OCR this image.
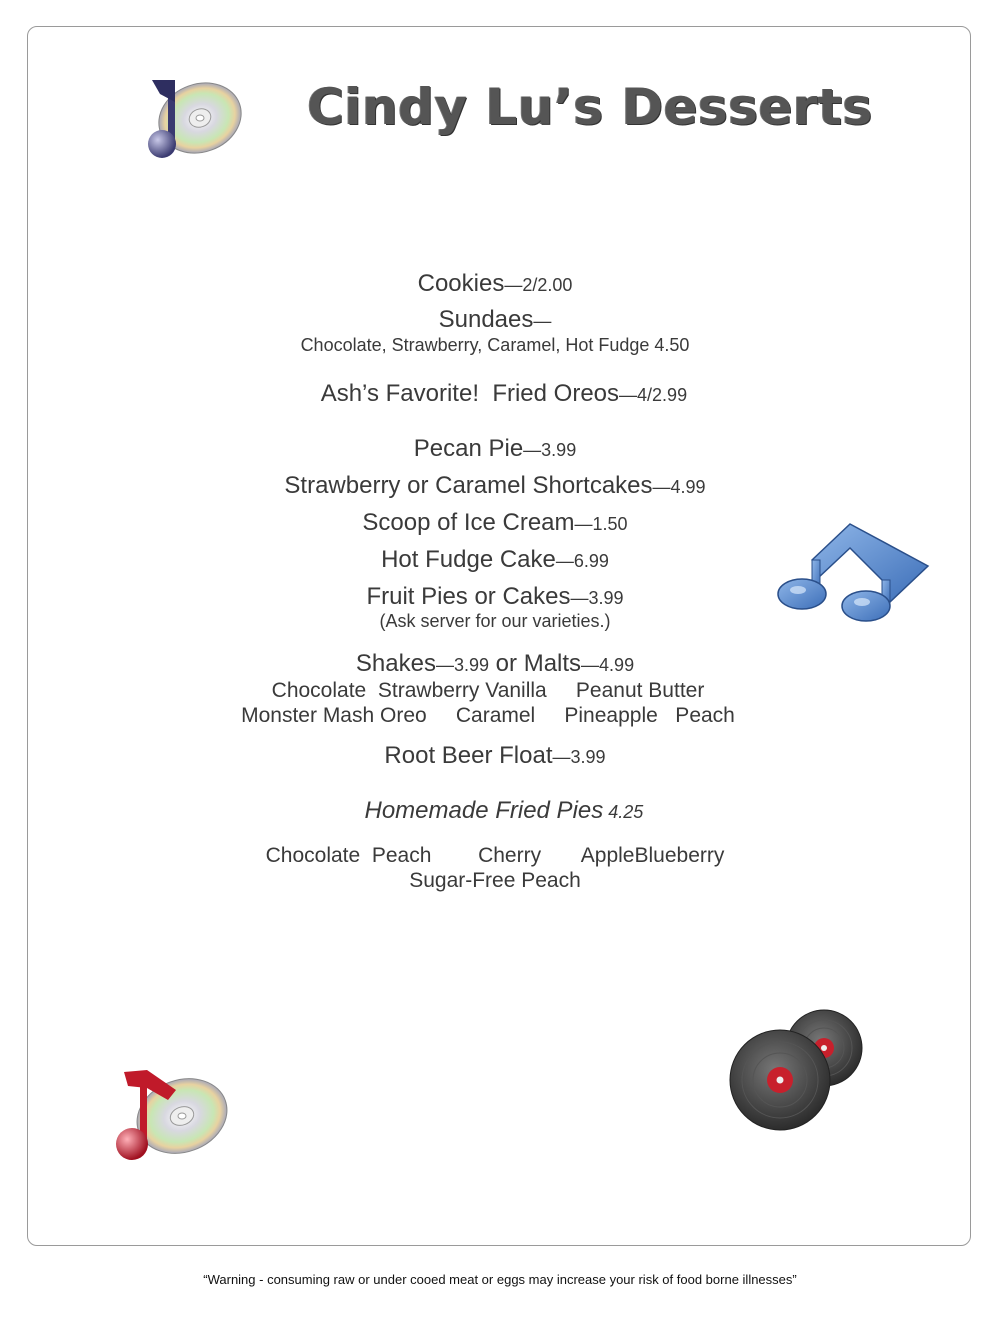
Cindy Lu’s Desserts
Cookies—2/2.00
Sundaes—
Chocolate, Strawberry, Caramel, Hot Fudge 4.50

Ash’s Favorite!  Fried Oreos—4/2.99

Pecan Pie—3.99
Strawberry or Caramel Shortcakes—4.99
Scoop of Ice Cream—1.50
Hot Fudge Cake—6.99
Fruit Pies or Cakes—3.99
(Ask server for our varieties.)
Shakes—3.99 or Malts—4.99
Chocolate  Strawberry Vanilla     Peanut Butter
Monster Mash Oreo     Caramel     Pineapple   Peach
Root Beer Float—3.99

Homemade Fried Pies 4.25

Chocolate  Peach        Cherry       AppleBlueberry
Sugar-Free Peach
“Warning - consuming raw or under cooed meat or eggs may increase your risk of food borne illnesses”
